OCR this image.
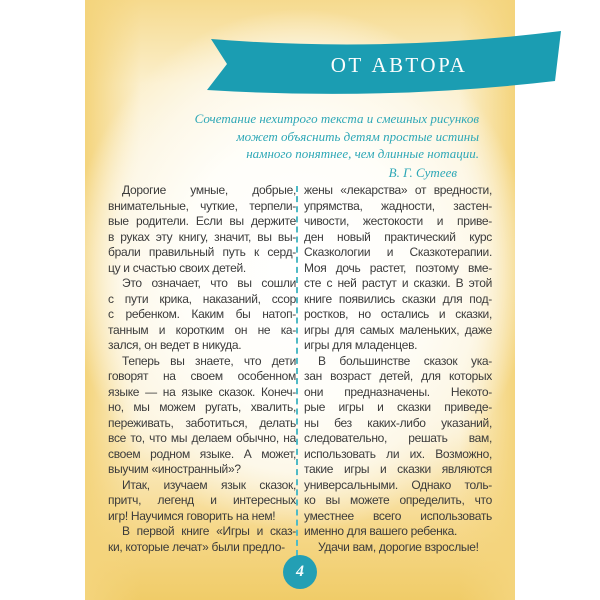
ОТ АВТОРА
Сочетание нехитрого текста и смешных рисунков
может объяснить детям простые истины
намного понятнее, чем длинные нотации.
В. Г. Сутеев
Дорогие умные, добрые,
внимательные, чуткие, терпели-
вые родители. Если вы держите
в руках эту книгу, значит, вы вы-
брали правильный путь к серд-
цу и счастью своих детей.
Это означает, что вы сошли
с пути крика, наказаний, ссор
с ребенком. Каким бы натоп-
танным и коротким он не ка-
зался, он ведет в никуда.
Теперь вы знаете, что дети
говорят на своем особенном
языке — на языке сказок. Конеч-
но, мы можем ругать, хвалить,
переживать, заботиться, делать
все то, что мы делаем обычно, на
своем родном языке. А может,
выучим «иностранный»?
Итак, изучаем язык сказок,
притч, легенд и интересных
игр! Научимся говорить на нем!
В первой книге «Игры и сказ-
ки, которые лечат» были предло-
жены «лекарства» от вредности,
упрямства, жадности, застен-
чивости, жестокости и приве-
ден новый практический курс
Сказкологии и Сказкотерапии.
Моя дочь растет, поэтому вме-
сте с ней растут и сказки. В этой
книге появились сказки для под-
ростков, но остались и сказки,
игры для самых маленьких, даже
игры для младенцев.
В большинстве сказок ука-
зан возраст детей, для которых
они предназначены. Некото-
рые игры и сказки приведе-
ны без каких-либо указаний,
следовательно, решать вам,
использовать ли их. Возможно,
такие игры и сказки являются
универсальными. Однако толь-
ко вы можете определить, что
уместнее всего использовать
именно для вашего ребенка.
Удачи вам, дорогие взрослые!
4
